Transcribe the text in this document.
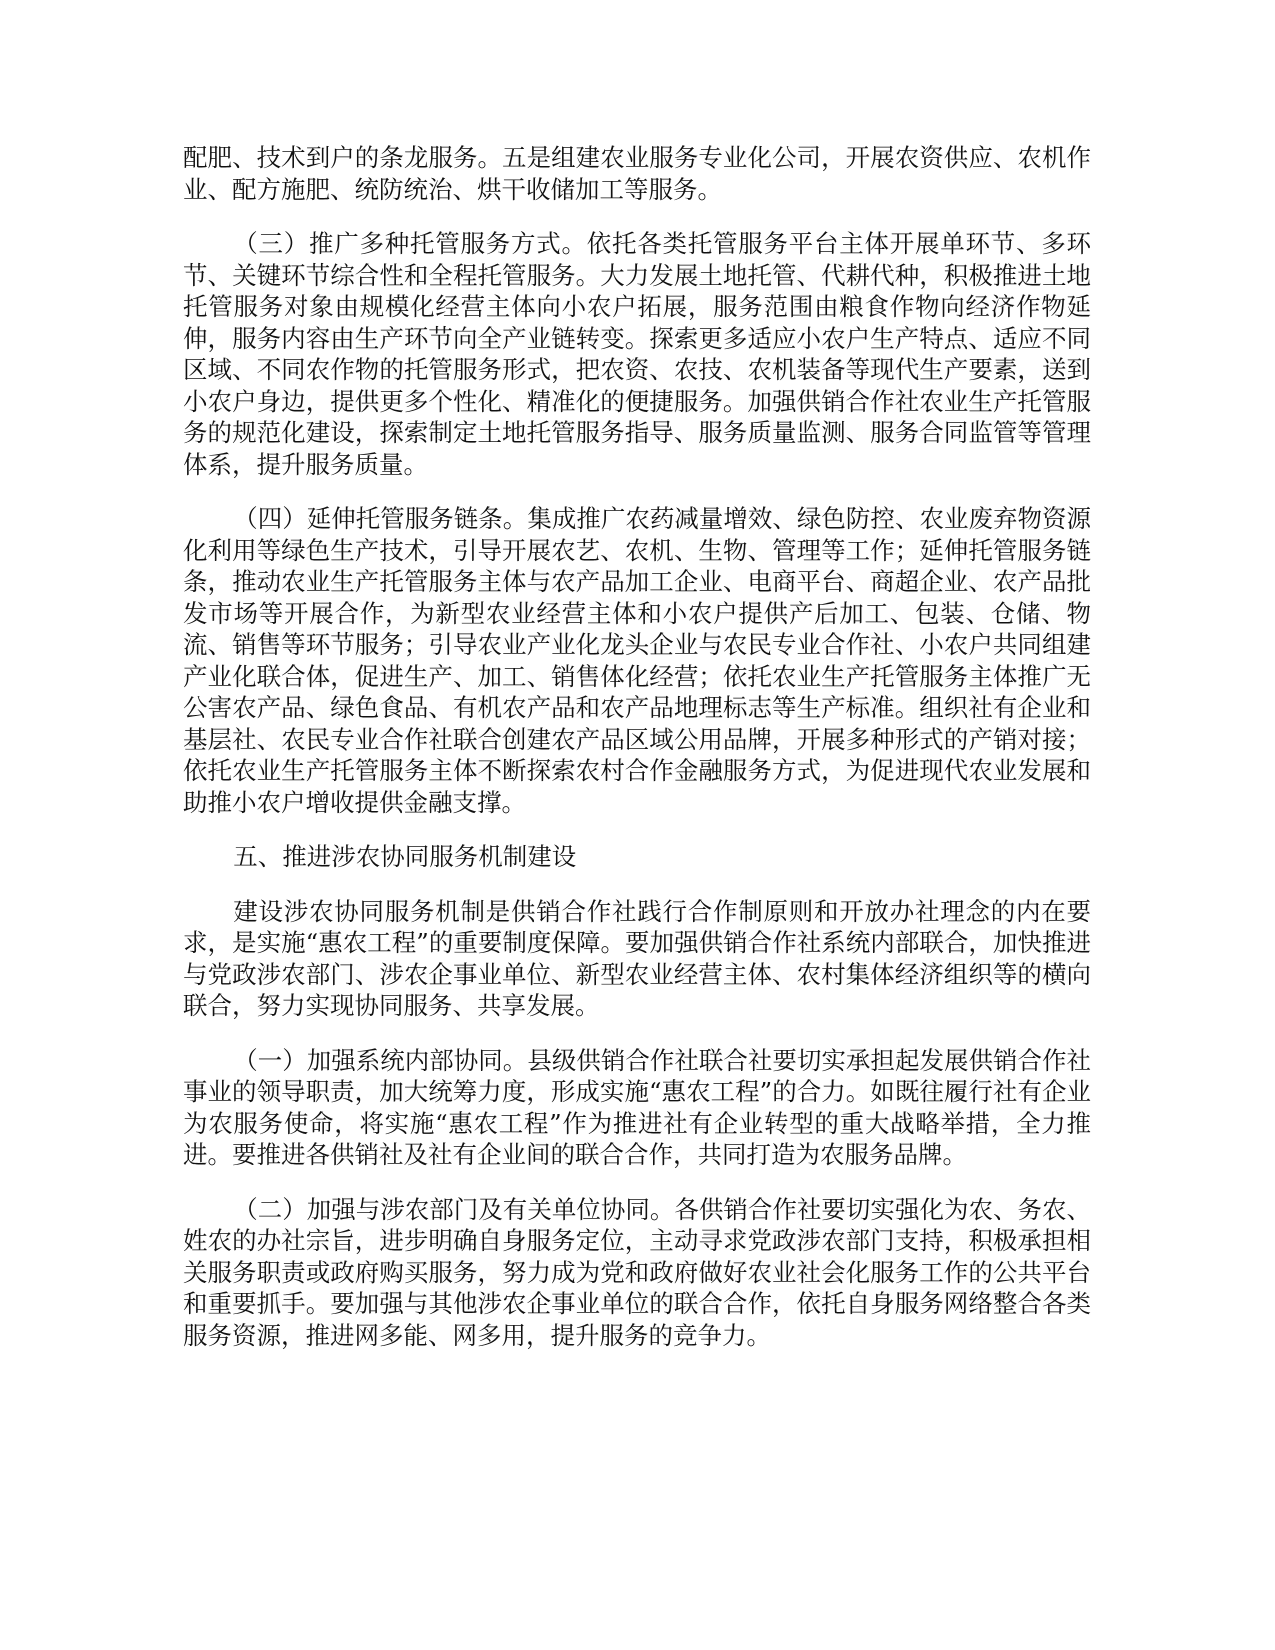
配肥、技术到户的条龙服务。五是组建农业服务专业化公司，开展农资供应、农机作业、配方施肥、统防统治、烘干收储加工等服务。

（三）推广多种托管服务方式。依托各类托管服务平台主体开展单环节、多环节、关键环节综合性和全程托管服务。大力发展土地托管、代耕代种，积极推进土地托管服务对象由规模化经营主体向小农户拓展，服务范围由粮食作物向经济作物延伸，服务内容由生产环节向全产业链转变。探索更多适应小农户生产特点、适应不同区域、不同农作物的托管服务形式，把农资、农技、农机装备等现代生产要素，送到小农户身边，提供更多个性化、精准化的便捷服务。加强供销合作社农业生产托管服务的规范化建设，探索制定土地托管服务指导、服务质量监测、服务合同监管等管理体系，提升服务质量。

（四）延伸托管服务链条。集成推广农药减量增效、绿色防控、农业废弃物资源化利用等绿色生产技术，引导开展农艺、农机、生物、管理等工作；延伸托管服务链条，推动农业生产托管服务主体与农产品加工企业、电商平台、商超企业、农产品批发市场等开展合作，为新型农业经营主体和小农户提供产后加工、包装、仓储、物流、销售等环节服务；引导农业产业化龙头企业与农民专业合作社、小农户共同组建产业化联合体，促进生产、加工、销售体化经营；依托农业生产托管服务主体推广无公害农产品、绿色食品、有机农产品和农产品地理标志等生产标准。组织社有企业和基层社、农民专业合作社联合创建农产品区域公用品牌，开展多种形式的产销对接；依托农业生产托管服务主体不断探索农村合作金融服务方式，为促进现代农业发展和助推小农户增收提供金融支撑。

五、推进涉农协同服务机制建设

建设涉农协同服务机制是供销合作社践行合作制原则和开放办社理念的内在要求，是实施“惠农工程”的重要制度保障。要加强供销合作社系统内部联合，加快推进与党政涉农部门、涉农企事业单位、新型农业经营主体、农村集体经济组织等的横向联合，努力实现协同服务、共享发展。

（一）加强系统内部协同。县级供销合作社联合社要切实承担起发展供销合作社事业的领导职责，加大统筹力度，形成实施“惠农工程”的合力。如既往履行社有企业为农服务使命，将实施“惠农工程”作为推进社有企业转型的重大战略举措，全力推进。要推进各供销社及社有企业间的联合合作，共同打造为农服务品牌。

（二）加强与涉农部门及有关单位协同。各供销合作社要切实强化为农、务农、姓农的办社宗旨，进步明确自身服务定位，主动寻求党政涉农部门支持，积极承担相关服务职责或政府购买服务，努力成为党和政府做好农业社会化服务工作的公共平台和重要抓手。要加强与其他涉农企事业单位的联合合作，依托自身服务网络整合各类服务资源，推进网多能、网多用，提升服务的竞争力。
